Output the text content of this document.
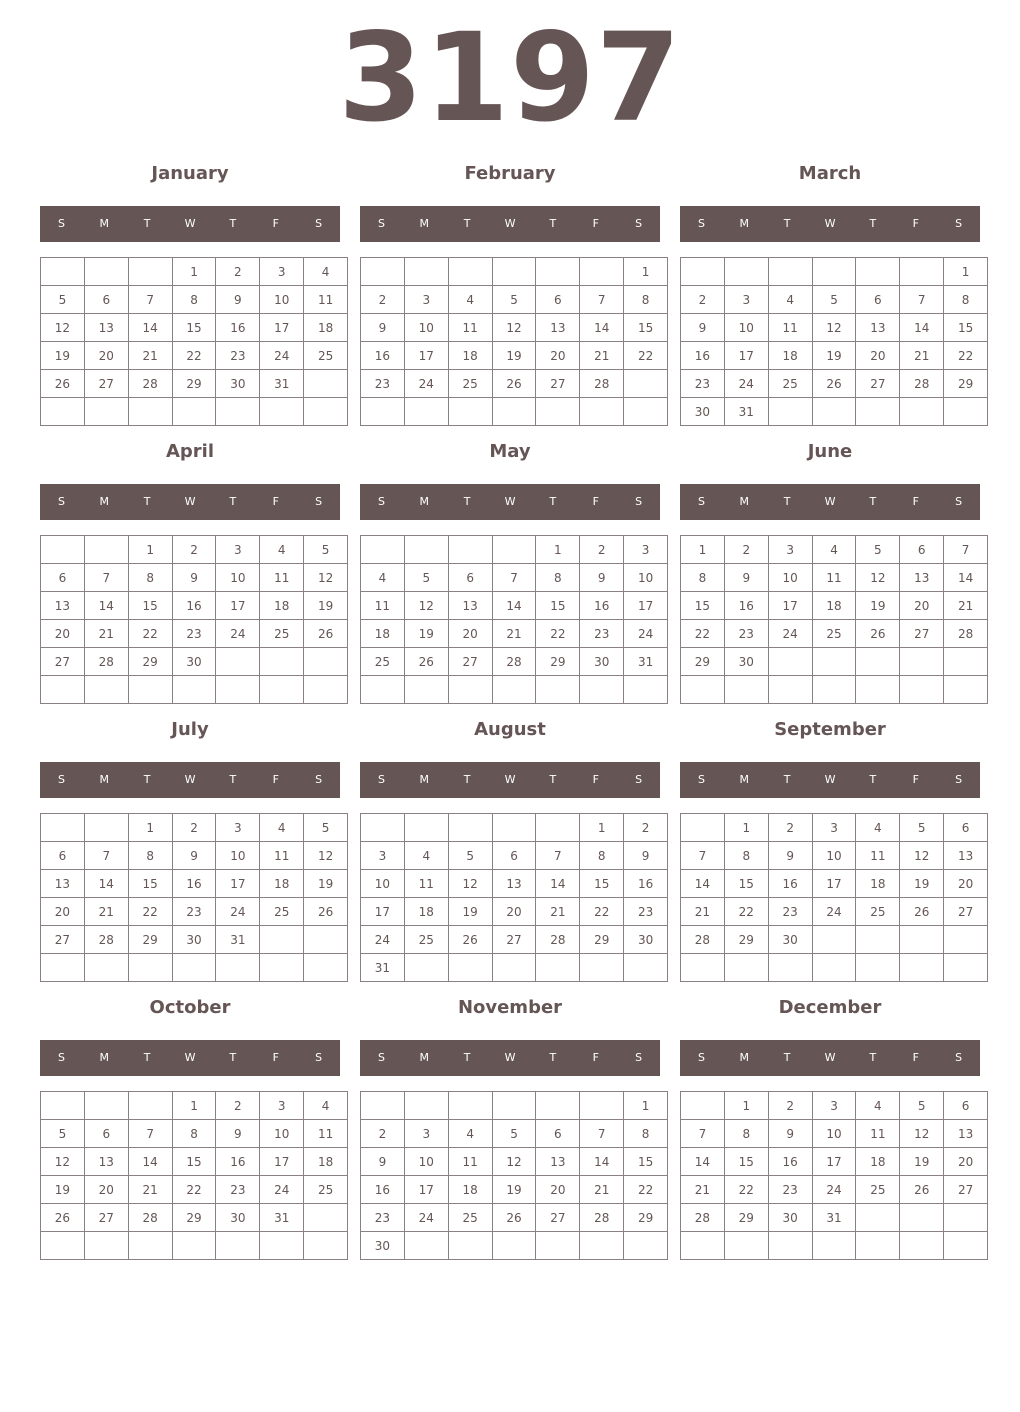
3197
January
S	M	T	W	T	F	S
			1	2	3	4
5	6	7	8	9	10	11
12	13	14	15	16	17	18
19	20	21	22	23	24	25
26	27	28	29	30	31	

February
S	M	T	W	T	F	S
						1
2	3	4	5	6	7	8
9	10	11	12	13	14	15
16	17	18	19	20	21	22
23	24	25	26	27	28	

March
S	M	T	W	T	F	S
						1
2	3	4	5	6	7	8
9	10	11	12	13	14	15
16	17	18	19	20	21	22
23	24	25	26	27	28	29
30	31					
April
S	M	T	W	T	F	S
		1	2	3	4	5
6	7	8	9	10	11	12
13	14	15	16	17	18	19
20	21	22	23	24	25	26
27	28	29	30			

May
S	M	T	W	T	F	S
				1	2	3
4	5	6	7	8	9	10
11	12	13	14	15	16	17
18	19	20	21	22	23	24
25	26	27	28	29	30	31

June
S	M	T	W	T	F	S
1	2	3	4	5	6	7
8	9	10	11	12	13	14
15	16	17	18	19	20	21
22	23	24	25	26	27	28
29	30					

July
S	M	T	W	T	F	S
		1	2	3	4	5
6	7	8	9	10	11	12
13	14	15	16	17	18	19
20	21	22	23	24	25	26
27	28	29	30	31		

August
S	M	T	W	T	F	S
					1	2
3	4	5	6	7	8	9
10	11	12	13	14	15	16
17	18	19	20	21	22	23
24	25	26	27	28	29	30
31						
September
S	M	T	W	T	F	S
	1	2	3	4	5	6
7	8	9	10	11	12	13
14	15	16	17	18	19	20
21	22	23	24	25	26	27
28	29	30				

October
S	M	T	W	T	F	S
			1	2	3	4
5	6	7	8	9	10	11
12	13	14	15	16	17	18
19	20	21	22	23	24	25
26	27	28	29	30	31	

November
S	M	T	W	T	F	S
						1
2	3	4	5	6	7	8
9	10	11	12	13	14	15
16	17	18	19	20	21	22
23	24	25	26	27	28	29
30						
December
S	M	T	W	T	F	S
	1	2	3	4	5	6
7	8	9	10	11	12	13
14	15	16	17	18	19	20
21	22	23	24	25	26	27
28	29	30	31			
